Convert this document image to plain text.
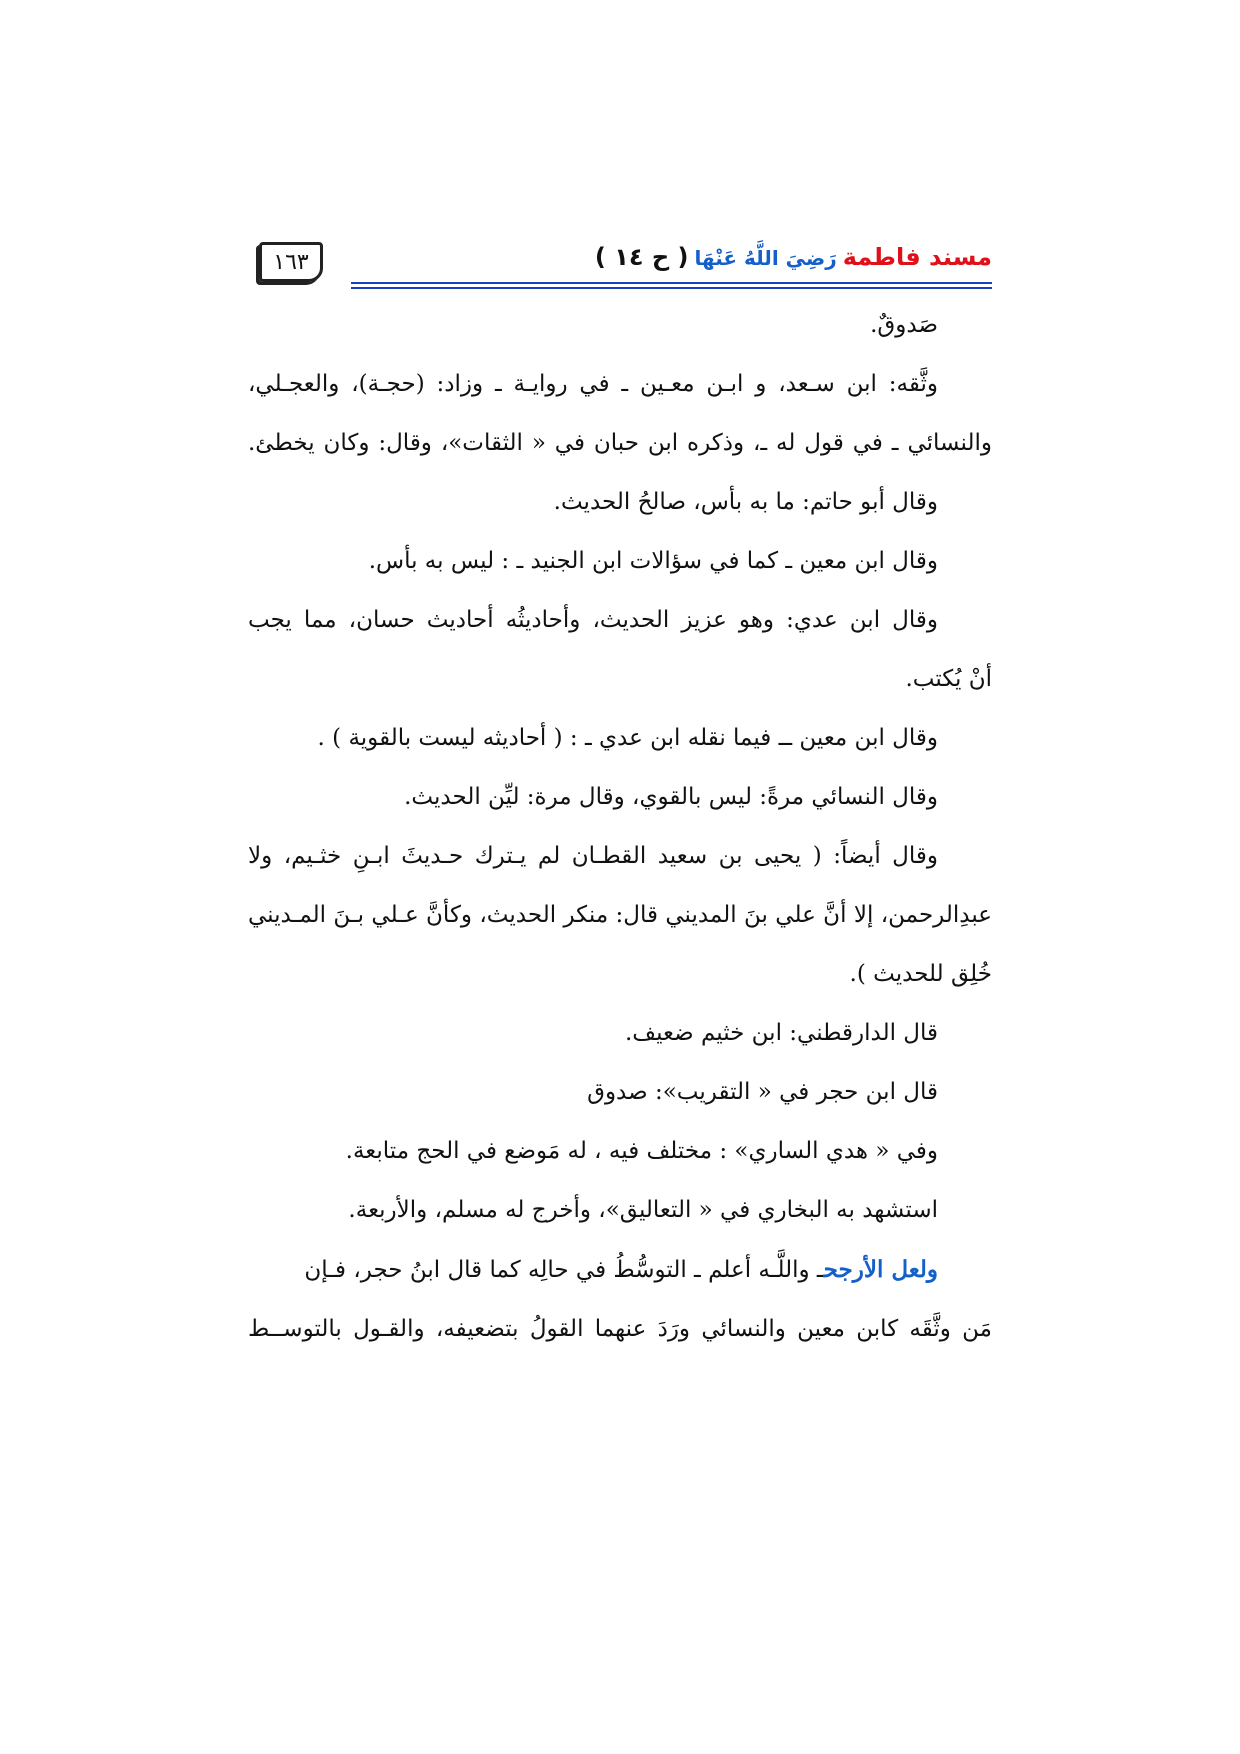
١٦٣	مسند فاطمةرَضِيَ اللَّهُ عَنْهَا( ح ١٤ )
صَدوقٌ.
وثَّقه: ابن سـعد، و ابـن معـين ـ في روايـة ـ وزاد: (حجـة)، والعجـلي،
والنسائي ـ في قول له ـ، وذكره ابن حبان في « الثقات»، وقال: وكان يخطئ.
وقال أبو حاتم: ما به بأس، صالحُ الحديث.
وقال ابن معين ـ كما في سؤالات ابن الجنيد ـ : ليس به بأس.
وقال ابن عدي: وهو عزيز الحديث، وأحاديثُه أحاديث حسان، مما يجب
أنْ يُكتب.
وقال ابن معين ــ فيما نقله ابن عدي ـ : ( أحاديثه ليست بالقوية ) .
وقال النسائي مرةً: ليس بالقوي، وقال مرة: ليِّن الحديث.
وقال أيضاً: ( يحيى بن سعيد القطـان لم يـترك حـديثَ ابـنِ خثـيم، ولا
عبدِالرحمن، إلا أنَّ علي بنَ المديني قال: منكر الحديث، وكأنَّ عـلي بـنَ المـديني
خُلِق للحديث ).
قال الدارقطني: ابن خثيم ضعيف.
قال ابن حجر في « التقريب»: صدوق
وفي « هدي الساري» : مختلف فيه ، له مَوضع في الحج متابعة.
استشهد به البخاري في « التعاليق»، وأخرج له مسلم، والأربعة.
ولعل الأرجحـ واللَّـه أعلم ـ التوسُّطُ في حالِه كما قال ابنُ حجر، فـإن
مَن وثَّقَه كابن معين والنسائي ورَدَ عنهما القولُ بتضعيفه، والقـول بالتوســط
